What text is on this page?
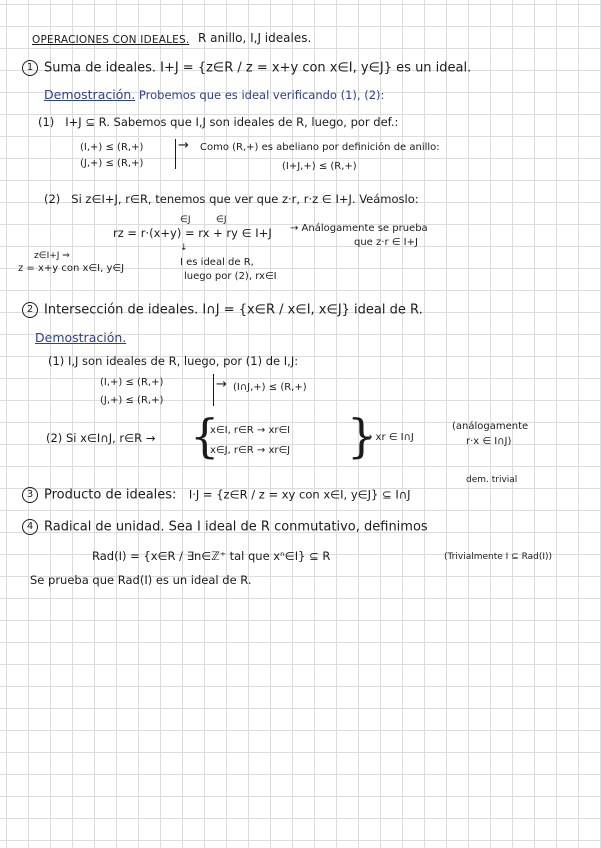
OPERACIONES CON IDEALES. R anillo, I,J ideales.
1 Suma de ideales. I+J = {z∈R / z = x+y con x∈I, y∈J} es un ideal.
Demostración. Probemos que es ideal verificando (1), (2):
(1) I+J ⊆ R. Sabemos que I,J son ideales de R, luego, por def.:
(I,+) ≤ (R,+)
(J,+) ≤ (R,+)
→ Como (R,+) es abeliano por definición de anillo:
(I+J,+) ≤ (R,+)
(2) Si z∈I+J, r∈R, tenemos que ver que z·r, r·z ∈ I+J. Veámoslo:
∈J	∈J
rz = r·(x+y) = rx + ry ∈ I+J → Análogamente se prueba
que z·r ∈ I+J
z∈I+J ⇒
z = x+y con x∈I, y∈J
↓
I es ideal de R,
luego por (2), rx∈I
2 Intersección de ideales. I∩J = {x∈R / x∈I, x∈J} ideal de R.
Demostración.
(1) I,J son ideales de R, luego, por (1) de I,J:
(I,+) ≤ (R,+)
(J,+) ≤ (R,+)
→ (I∩J,+) ≤ (R,+)
(2) Si x∈I∩J, r∈R → {
x∈I, r∈R → xr∈I
x∈J, r∈R → xr∈J }
→ xr ∈ I∩J
(análogamente
r·x ∈ I∩J)
dem. trivial
3 Producto de ideales: I·J = {z∈R / z = xy con x∈I, y∈J} ⊆ I∩J
4 Radical de unidad. Sea I ideal de R conmutativo, definimos
Rad(I) = {x∈R / ∃n∈ℤ⁺ tal que xⁿ∈I} ⊆ R	(Trivialmente I ⊆ Rad(I))
Se prueba que Rad(I) es un ideal de R.
